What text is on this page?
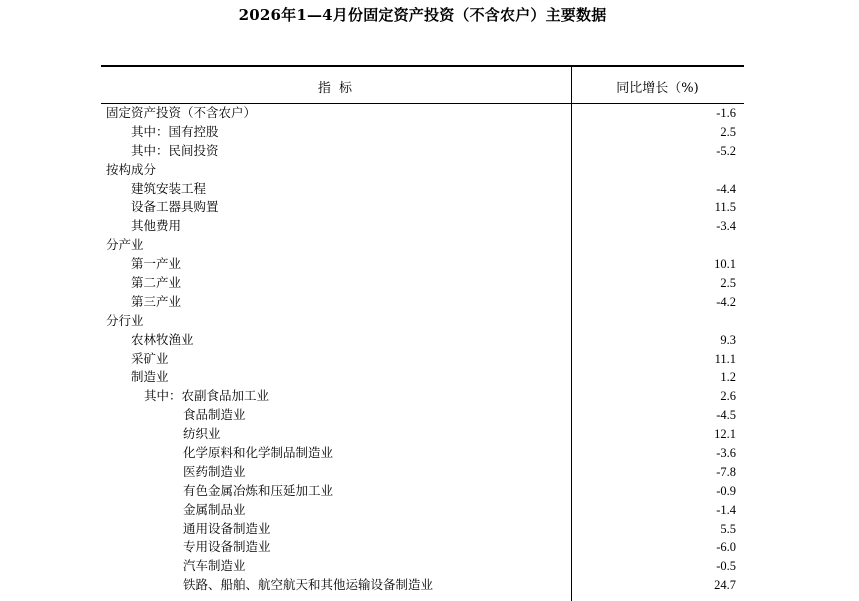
2026年1—4月份固定资产投资（不含农户）主要数据
指 标	同比增长（%)
固定资产投资（不含农户）	-1.6
其中：国有控股	2.5
其中：民间投资	-5.2
按构成分
建筑安装工程	-4.4
设备工器具购置	11.5
其他费用	-3.4
分产业
第一产业	10.1
第二产业	2.5
第三产业	-4.2
分行业
农林牧渔业	9.3
采矿业	11.1
制造业	1.2
其中：农副食品加工业	2.6
食品制造业	-4.5
纺织业	12.1
化学原料和化学制品制造业	-3.6
医药制造业	-7.8
有色金属冶炼和压延加工业	-0.9
金属制品业	-1.4
通用设备制造业	5.5
专用设备制造业	-6.0
汽车制造业	-0.5
铁路、船舶、航空航天和其他运输设备制造业	24.7
